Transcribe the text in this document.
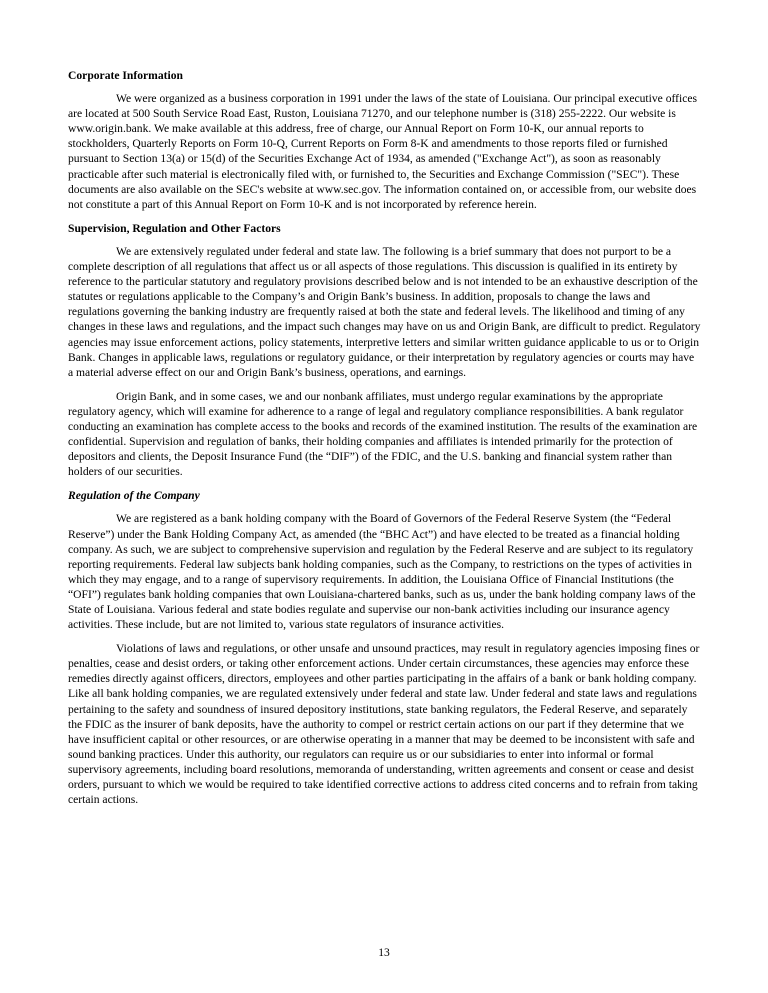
Corporate Information

We were organized as a business corporation in 1991 under the laws of the state of Louisiana. Our principal executive offices are located at 500 South Service Road East, Ruston, Louisiana 71270, and our telephone number is (318) 255-2222. Our website is www.origin.bank. We make available at this address, free of charge, our Annual Report on Form 10-K, our annual reports to stockholders, Quarterly Reports on Form 10-Q, Current Reports on Form 8-K and amendments to those reports filed or furnished pursuant to Section 13(a) or 15(d) of the Securities Exchange Act of 1934, as amended ("Exchange Act"), as soon as reasonably practicable after such material is electronically filed with, or furnished to, the Securities and Exchange Commission ("SEC"). These documents are also available on the SEC's website at www.sec.gov. The information contained on, or accessible from, our website does not constitute a part of this Annual Report on Form 10-K and is not incorporated by reference herein.

Supervision, Regulation and Other Factors

We are extensively regulated under federal and state law. The following is a brief summary that does not purport to be a complete description of all regulations that affect us or all aspects of those regulations. This discussion is qualified in its entirety by reference to the particular statutory and regulatory provisions described below and is not intended to be an exhaustive description of the statutes or regulations applicable to the Company’s and Origin Bank’s business. In addition, proposals to change the laws and regulations governing the banking industry are frequently raised at both the state and federal levels. The likelihood and timing of any changes in these laws and regulations, and the impact such changes may have on us and Origin Bank, are difficult to predict. Regulatory agencies may issue enforcement actions, policy statements, interpretive letters and similar written guidance applicable to us or to Origin Bank. Changes in applicable laws, regulations or regulatory guidance, or their interpretation by regulatory agencies or courts may have a material adverse effect on our and Origin Bank’s business, operations, and earnings.

Origin Bank, and in some cases, we and our nonbank affiliates, must undergo regular examinations by the appropriate regulatory agency, which will examine for adherence to a range of legal and regulatory compliance responsibilities. A bank regulator conducting an examination has complete access to the books and records of the examined institution. The results of the examination are confidential. Supervision and regulation of banks, their holding companies and affiliates is intended primarily for the protection of depositors and clients, the Deposit Insurance Fund (the “DIF”) of the FDIC, and the U.S. banking and financial system rather than holders of our securities.

Regulation of the Company

We are registered as a bank holding company with the Board of Governors of the Federal Reserve System (the “Federal Reserve”) under the Bank Holding Company Act, as amended (the “BHC Act”) and have elected to be treated as a financial holding company. As such, we are subject to comprehensive supervision and regulation by the Federal Reserve and are subject to its regulatory reporting requirements. Federal law subjects bank holding companies, such as the Company, to restrictions on the types of activities in which they may engage, and to a range of supervisory requirements. In addition, the Louisiana Office of Financial Institutions (the “OFI”) regulates bank holding companies that own Louisiana-chartered banks, such as us, under the bank holding company laws of the State of Louisiana. Various federal and state bodies regulate and supervise our non-bank activities including our insurance agency activities. These include, but are not limited to, various state regulators of insurance activities.

Violations of laws and regulations, or other unsafe and unsound practices, may result in regulatory agencies imposing fines or penalties, cease and desist orders, or taking other enforcement actions. Under certain circumstances, these agencies may enforce these remedies directly against officers, directors, employees and other parties participating in the affairs of a bank or bank holding company. Like all bank holding companies, we are regulated extensively under federal and state law. Under federal and state laws and regulations pertaining to the safety and soundness of insured depository institutions, state banking regulators, the Federal Reserve, and separately the FDIC as the insurer of bank deposits, have the authority to compel or restrict certain actions on our part if they determine that we have insufficient capital or other resources, or are otherwise operating in a manner that may be deemed to be inconsistent with safe and sound banking practices. Under this authority, our regulators can require us or our subsidiaries to enter into informal or formal supervisory agreements, including board resolutions, memoranda of understanding, written agreements and consent or cease and desist orders, pursuant to which we would be required to take identified corrective actions to address cited concerns and to refrain from taking certain actions.

13
